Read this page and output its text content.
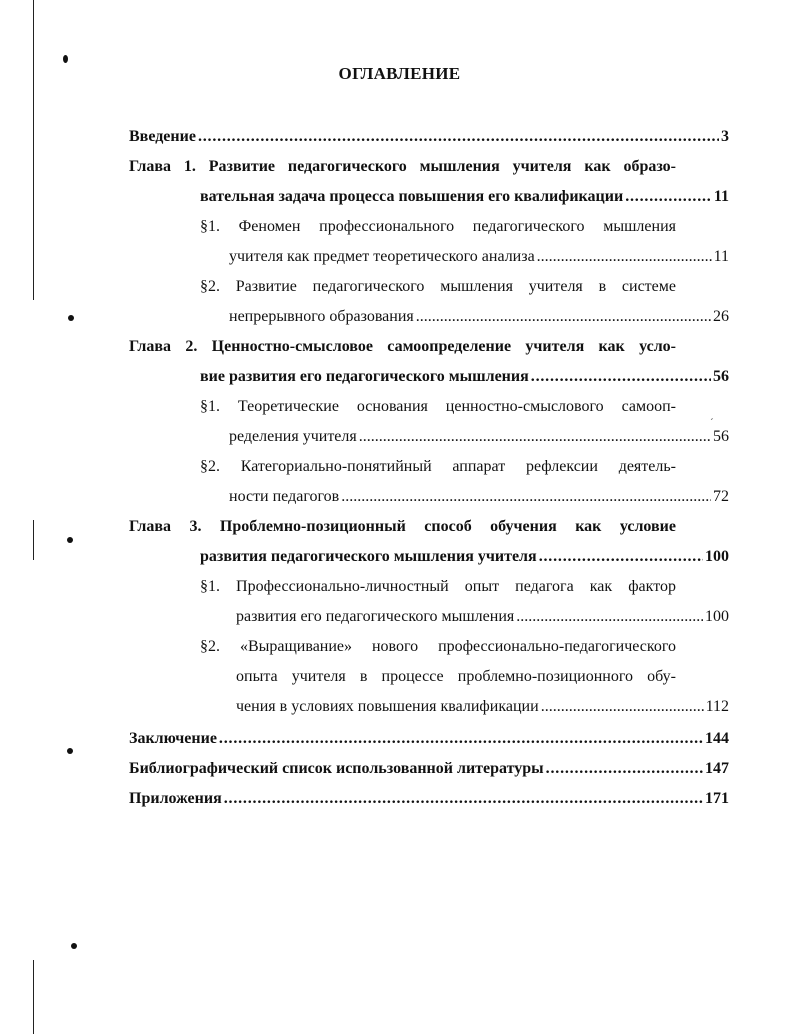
ОГЛАВЛЕНИЕ
Введение . . .	3
Глава 1. Развитие педагогического мышления учителя как образо-
вательная задача процесса повышения его квалификации . . .	11
§1. Феномен профессионального педагогического мышления
учителя как предмет теоретического анализа . . .	11
§2. Развитие педагогического мышления учителя в системе
непрерывного образования . . .	26
Глава 2. Ценностно-смысловое самоопределение учителя как усло-
вие развития его педагогического мышления . . .	56
§1. Теоретические основания ценностно-смыслового самооп-
ределения учителя . . .	56
ˊ
§2. Категориально-понятийный аппарат рефлексии деятель-
ности педагогов . . .	72
Глава 3. Проблемно-позиционный способ обучения как условие
развития педагогического мышления учителя . . .	100
§1. Профессионально-личностный опыт педагога как фактор
развития его педагогического мышления . . .	100
§2. «Выращивание» нового профессионально-педагогического
опыта учителя в процессе проблемно-позиционного обу-
чения в условиях повышения квалификации . . .	112
Заключение . . .	144
Библиографический список использованной литературы . . .	147
Приложения . . .	171
